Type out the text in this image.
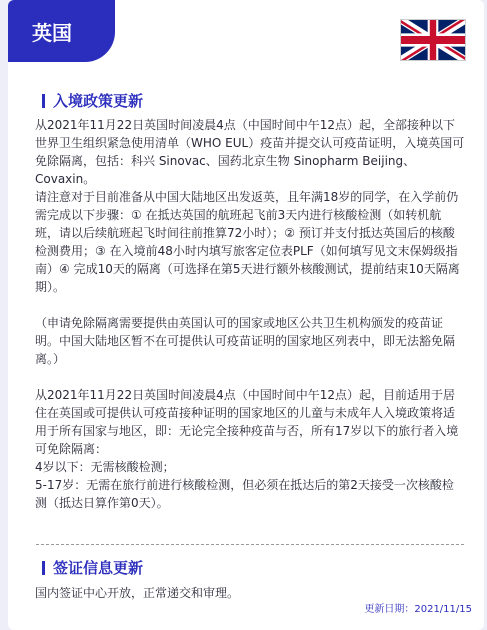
英国
入境政策更新

从2021年11月22日英国时间凌晨4点（中国时间中午12点）起，全部接种以下世界卫生组织紧急使用清单（WHO EUL）疫苗并提交认可疫苗证明，入境英国可免除隔离，包括：科兴 Sinovac、国药北京生物 Sinopharm Beijing、Covaxin。

请注意对于目前准备从中国大陆地区出发返英，且年满18岁的同学，在入学前仍需完成以下步骤：① 在抵达英国的航班起飞前3天内进行核酸检测（如转机航班，请以后续航班起飞时间往前推算72小时）；② 预订并支付抵达英国后的核酸检测费用；③ 在入境前48小时内填写旅客定位表PLF（如何填写见文末保姆级指南）④ 完成10天的隔离（可选择在第5天进行额外核酸测试，提前结束10天隔离期）。

（申请免除隔离需要提供由英国认可的国家或地区公共卫生机构颁发的疫苗证明。中国大陆地区暂不在可提供认可疫苗证明的国家地区列表中，即无法豁免隔离。）

从2021年11月22日英国时间凌晨4点（中国时间中午12点）起，目前适用于居住在英国或可提供认可疫苗接种证明的国家地区的儿童与未成年人入境政策将适用于所有国家与地区，即：无论完全接种疫苗与否，所有17岁以下的旅行者入境可免除隔离：

4岁以下：无需核酸检测；

5-17岁：无需在旅行前进行核酸检测，但必须在抵达后的第2天接受一次核酸检测（抵达日算作第0天）。

签证信息更新

国内签证中心开放，正常递交和审理。

更新日期：2021/11/15
